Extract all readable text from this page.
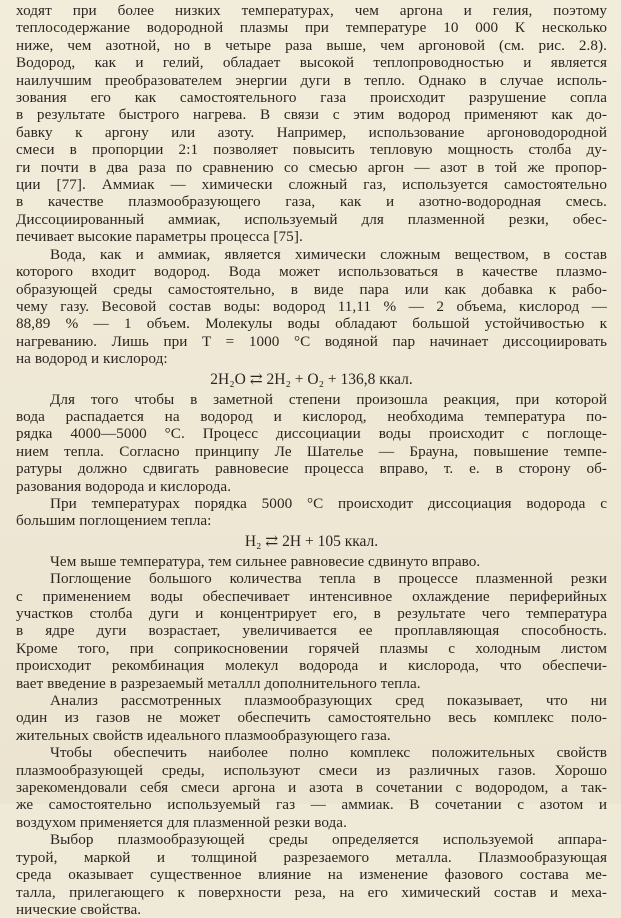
ходят при более низких температурах, чем аргона и гелия, поэтому
теплосодержание водородной плазмы при температуре 10 000 К несколько
ниже, чем азотной, но в четыре раза выше, чем аргоновой (см. рис. 2.8).
Водород, как и гелий, обладает высокой теплопроводностью и является
наилучшим преобразователем энергии дуги в тепло. Однако в случае исполь-
зования его как самостоятельного газа происходит разрушение сопла
в результате быстрого нагрева. В связи с этим водород применяют как до-
бавку к аргону или азоту. Например, использование аргоноводородной
смеси в пропорции 2:1 позволяет повысить тепловую мощность столба ду-
ги почти в два раза по сравнению со смесью аргон — азот в той же пропор-
ции [77]. Аммиак — химически сложный газ, используется самостоятельно
в качестве плазмообразующего газа, как и азотно-водородная смесь.
Диссоциированный аммиак, используемый для плазменной резки, обес-
печивает высокие параметры процесса [75].
Вода, как и аммиак, является химически сложным веществом, в состав
которого входит водород. Вода может использоваться в качестве плазмо-
образующей среды самостоятельно, в виде пара или как добавка к рабо-
чему газу. Весовой состав воды: водород 11,11 % — 2 объема, кислород —
88,89 % — 1 объем. Молекулы воды обладают большой устойчивостью к
нагреванию. Лишь при T = 1000 °C водяной пар начинает диссоциировать
на водород и кислород:
2H₂O ⇄ 2H₂ + O₂ + 136,8 ккал.
Для того чтобы в заметной степени произошла реакция, при которой
вода распадается на водород и кислород, необходима температура по-
рядка 4000—5000 °C. Процесс диссоциации воды происходит с поглоще-
нием тепла. Согласно принципу Ле Шателье — Брауна, повышение темпе-
ратуры должно сдвигать равновесие процесса вправо, т. е. в сторону об-
разования водорода и кислорода.
При температурах порядка 5000 °C происходит диссоциация водорода с
большим поглощением тепла:
H₂ ⇄ 2H + 105 ккал.
Чем выше температура, тем сильнее равновесие сдвинуто вправо.
Поглощение большого количества тепла в процессе плазменной резки
с применением воды обеспечивает интенсивное охлаждение периферийных
участков столба дуги и концентрирует его, в результате чего температура
в ядре дуги возрастает, увеличивается ее проплавляющая способность.
Кроме того, при соприкосновении горячей плазмы с холодным листом
происходит рекомбинация молекул водорода и кислорода, что обеспечи-
вает введение в разрезаемый металлл дополнительного тепла.
Анализ рассмотренных плазмообразующих сред показывает, что ни
один из газов не может обеспечить самостоятельно весь комплекс поло-
жительных свойств идеального плазмообразующего газа.
Чтобы обеспечить наиболее полно комплекс положительных свойств
плазмообразующей среды, используют смеси из различных газов. Хорошо
зарекомендовали себя смеси аргона и азота в сочетании с водородом, а так-
же самостоятельно используемый газ — аммиак. В сочетании с азотом и
воздухом применяется для плазменной резки вода.
Выбор плазмообразующей среды определяется используемой аппара-
турой, маркой и толщиной разрезаемого металла. Плазмообразующая
среда оказывает существенное влияние на изменение фазового состава ме-
талла, прилегающего к поверхности реза, на его химический состав и меха-
нические свойства.
